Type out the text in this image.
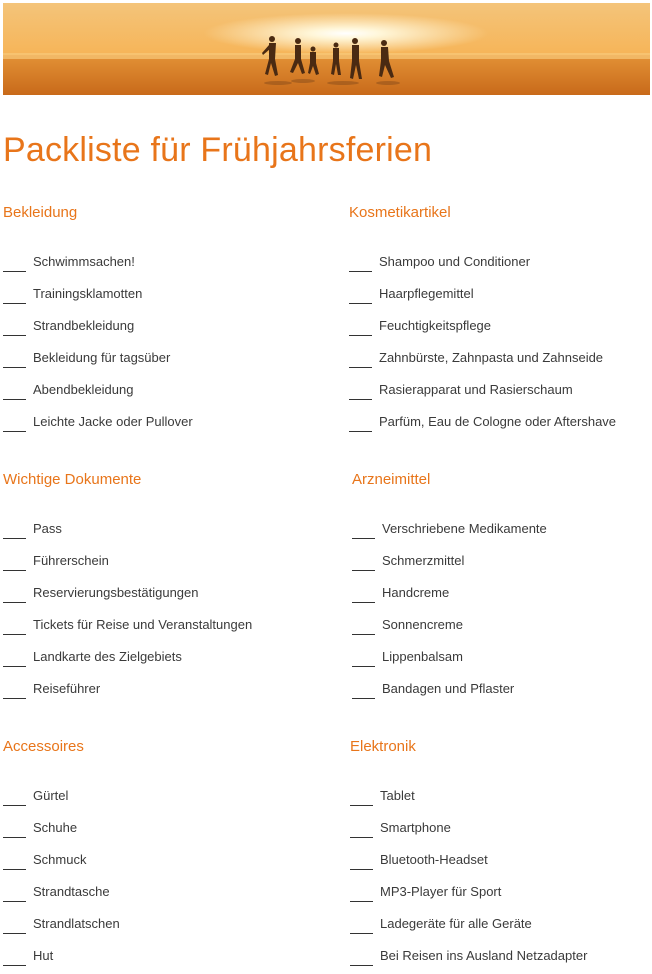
Packliste für Frühjahrsferien
Bekleidung
Schwimmsachen!
Trainingsklamotten
Strandbekleidung
Bekleidung für tagsüber
Abendbekleidung
Leichte Jacke oder Pullover
Kosmetikartikel
Shampoo und Conditioner
Haarpflegemittel
Feuchtigkeitspflege
Zahnbürste, Zahnpasta und Zahnseide
Rasierapparat und Rasierschaum
Parfüm, Eau de Cologne oder Aftershave
Wichtige Dokumente
Pass
Führerschein
Reservierungsbestätigungen
Tickets für Reise und Veranstaltungen
Landkarte des Zielgebiets
Reiseführer
Arzneimittel
Verschriebene Medikamente
Schmerzmittel
Handcreme
Sonnencreme
Lippenbalsam
Bandagen und Pflaster
Accessoires
Gürtel
Schuhe
Schmuck
Strandtasche
Strandlatschen
Hut
Elektronik
Tablet
Smartphone
Bluetooth-Headset
MP3-Player für Sport
Ladegeräte für alle Geräte
Bei Reisen ins Ausland Netzadapter
